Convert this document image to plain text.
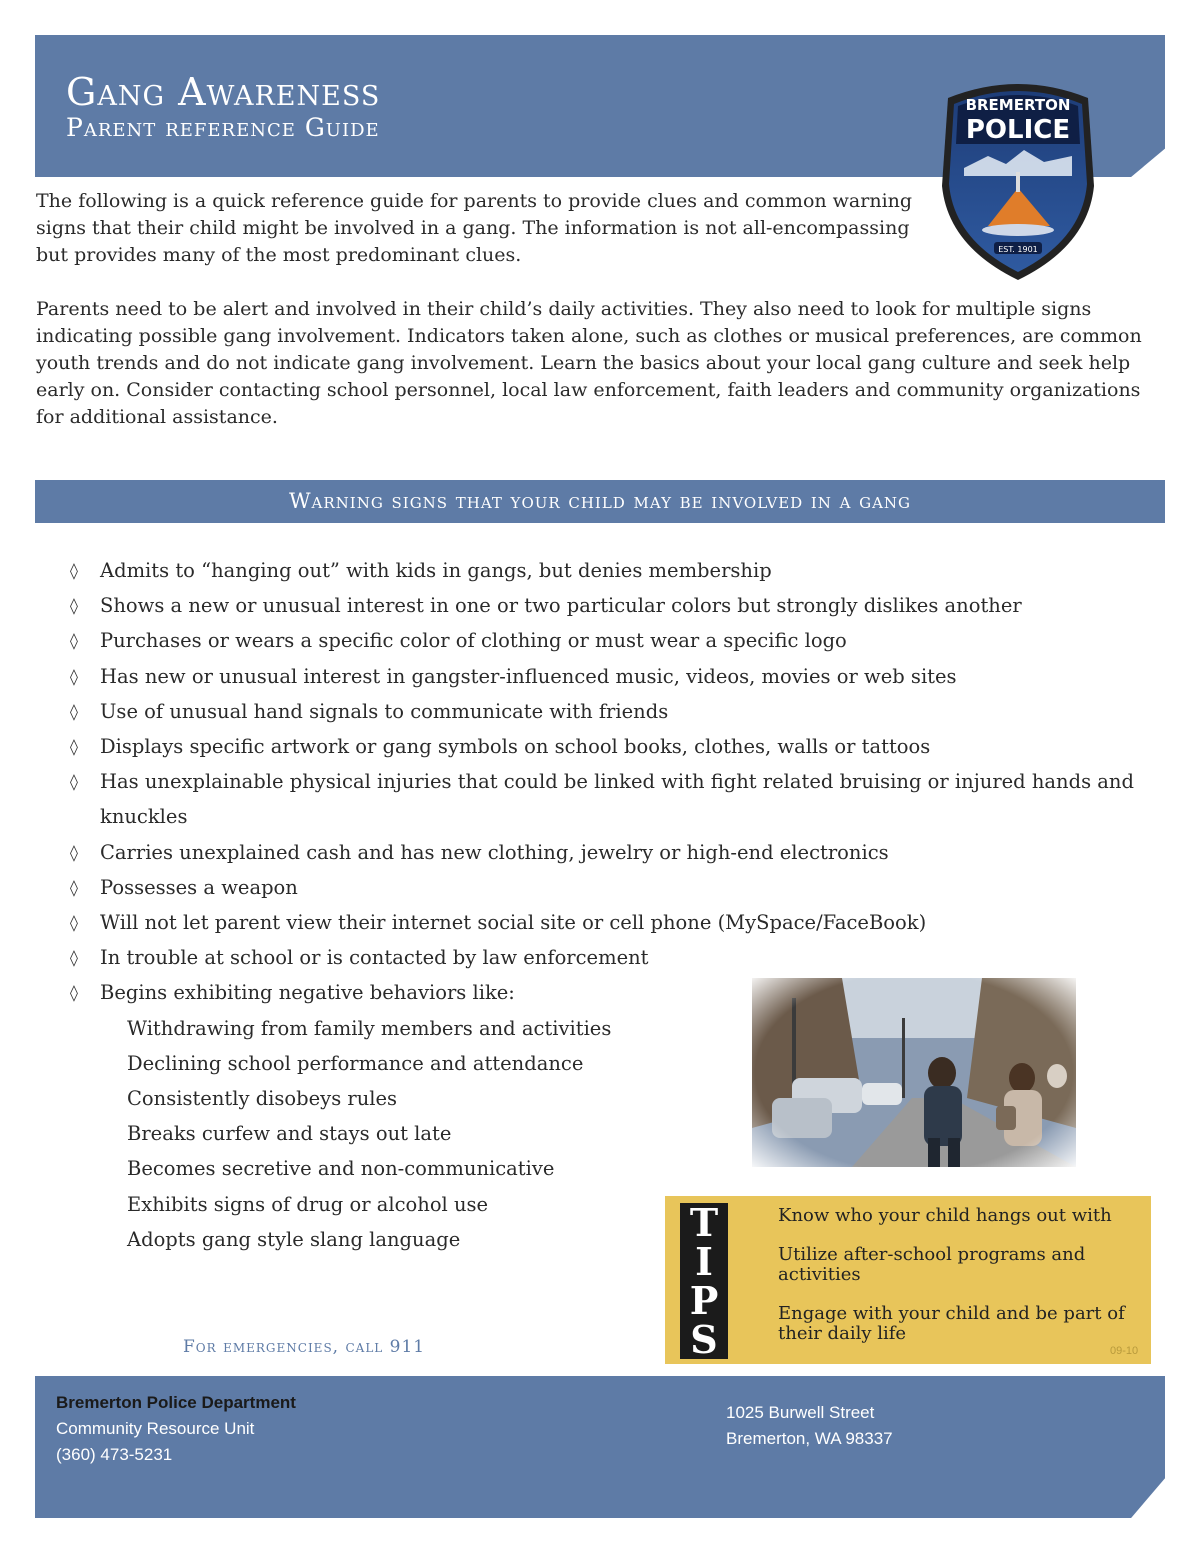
Gang Awareness
Parent reference Guide
BREMERTON
POLICE
EST. 1901

The following is a quick reference guide for parents to provide clues and common warning signs that their child might be involved in a gang. The information is not all-encompassing but provides many of the most predominant clues.

Parents need to be alert and involved in their child’s daily activities. They also need to look for multiple signs indicating possible gang involvement. Indicators taken alone, such as clothes or musical preferences, are common youth trends and do not indicate gang involvement. Learn the basics about your local gang culture and seek help early on. Consider contacting school personnel, local law enforcement, faith leaders and community organizations for additional assistance.

Warning signs that your child may be involved in a gang
◊ Admits to “hanging out” with kids in gangs, but denies membership
◊ Shows a new or unusual interest in one or two particular colors but strongly dislikes another
◊ Purchases or wears a specific color of clothing or must wear a specific logo
◊ Has new or unusual interest in gangster-influenced music, videos, movies or web sites
◊ Use of unusual hand signals to communicate with friends
◊ Displays specific artwork or gang symbols on school books, clothes, walls or tattoos
◊ Has unexplainable physical injuries that could be linked with fight related bruising or injured hands and knuckles
◊ Carries unexplained cash and has new clothing, jewelry or high-end electronics
◊ Possesses a weapon
◊ Will not let parent view their internet social site or cell phone (MySpace/FaceBook)
◊ In trouble at school or is contacted by law enforcement
◊ Begins exhibiting negative behaviors like:
Withdrawing from family members and activities
Declining school performance and attendance
Consistently disobeys rules
Breaks curfew and stays out late
Becomes secretive and non-communicative
Exhibits signs of drug or alcohol use
Adopts gang style slang language	T
I
P
S
Know who your child hangs out with
Utilize after-school programs and activities
Engage with your child and be part of their daily life
09-10
For emergencies, call 911
Bremerton Police Department
Community Resource Unit
(360) 473-5231
1025 Burwell Street
Bremerton, WA 98337
